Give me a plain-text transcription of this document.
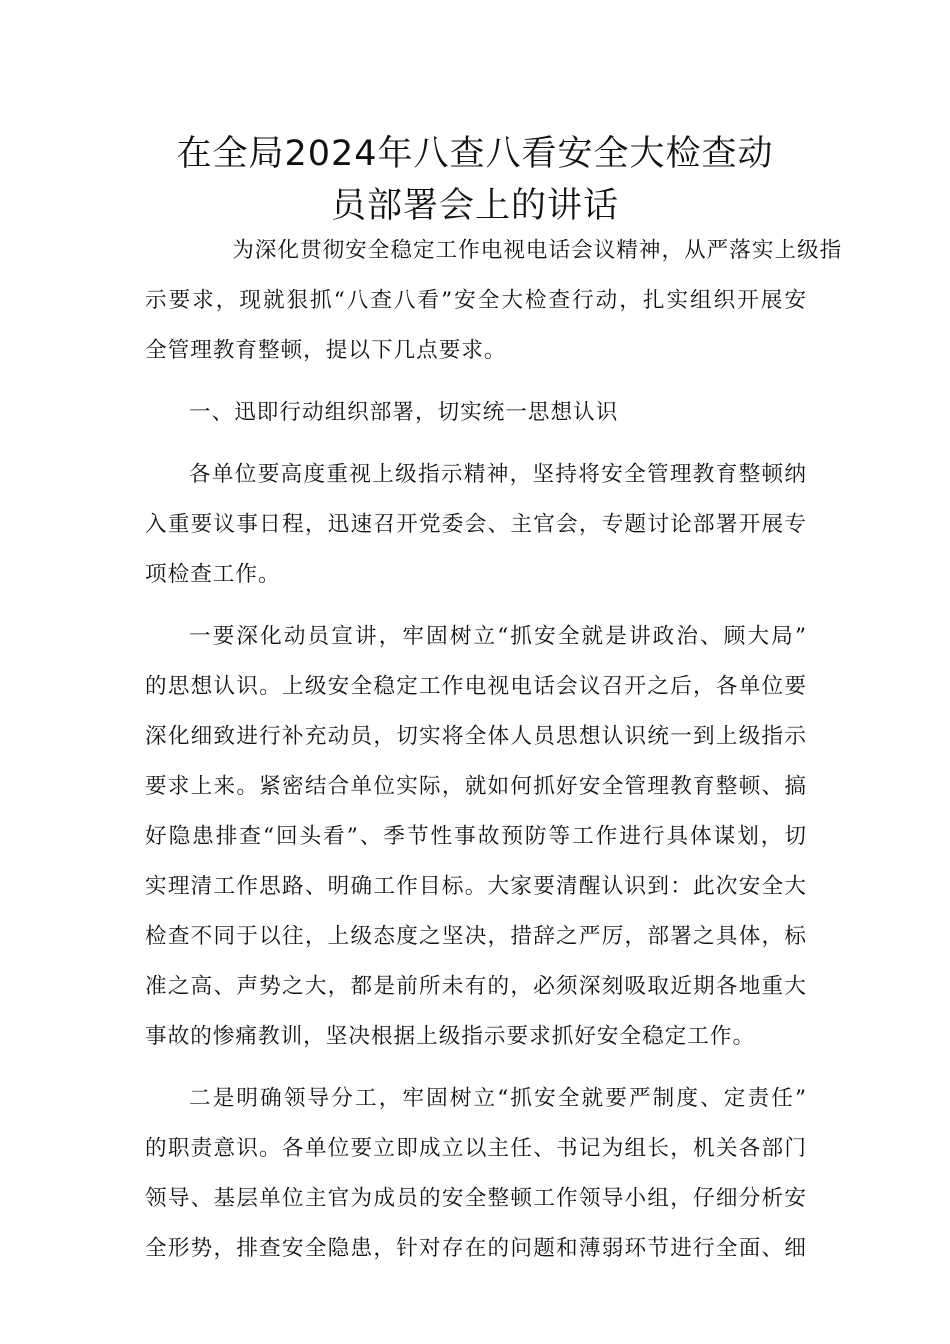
在全局2024年八查八看安全大检查动
员部署会上的讲话
为深化贯彻安全稳定工作电视电话会议精神，从严落实上级指
示要求，现就狠抓“八查八看”安全大检查行动，扎实组织开展安
全管理教育整顿，提以下几点要求。
一、迅即行动组织部署，切实统一思想认识
各单位要高度重视上级指示精神，坚持将安全管理教育整顿纳
入重要议事日程，迅速召开党委会、主官会，专题讨论部署开展专
项检查工作。
一要深化动员宣讲，牢固树立“抓安全就是讲政治、顾大局”
的思想认识。上级安全稳定工作电视电话会议召开之后，各单位要
深化细致进行补充动员，切实将全体人员思想认识统一到上级指示
要求上来。紧密结合单位实际，就如何抓好安全管理教育整顿、搞
好隐患排查“回头看”、季节性事故预防等工作进行具体谋划，切
实理清工作思路、明确工作目标。大家要清醒认识到：此次安全大
检查不同于以往，上级态度之坚决，措辞之严厉，部署之具体，标
准之高、声势之大，都是前所未有的，必须深刻吸取近期各地重大
事故的惨痛教训，坚决根据上级指示要求抓好安全稳定工作。
二是明确领导分工，牢固树立“抓安全就要严制度、定责任”
的职责意识。各单位要立即成立以主任、书记为组长，机关各部门
领导、基层单位主官为成员的安全整顿工作领导小组，仔细分析安
全形势，排查安全隐患，针对存在的问题和薄弱环节进行全面、细
